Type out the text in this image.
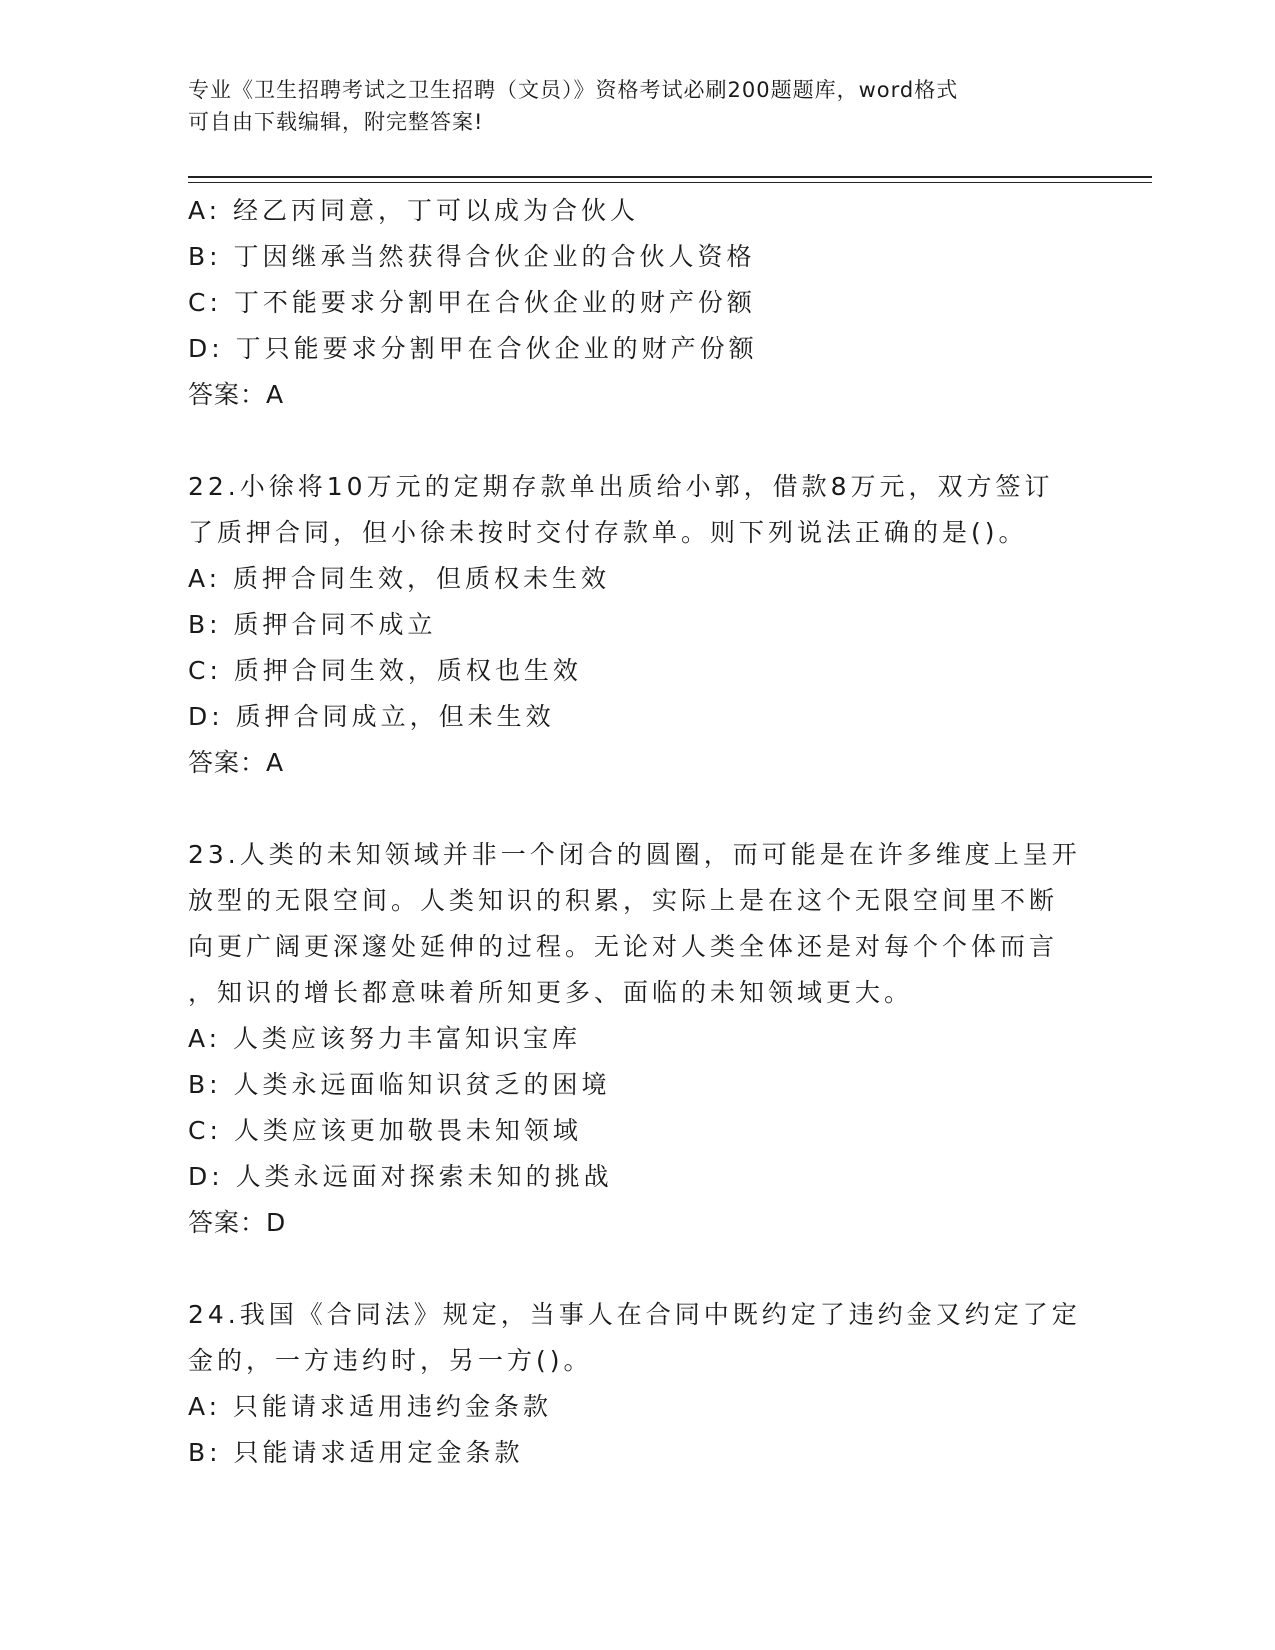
专业《卫生招聘考试之卫生招聘（文员）》资格考试必刷200题题库，word格式
可自由下载编辑，附完整答案!
A: 经乙丙同意，丁可以成为合伙人
B: 丁因继承当然获得合伙企业的合伙人资格
C: 丁不能要求分割甲在合伙企业的财产份额
D: 丁只能要求分割甲在合伙企业的财产份额
答案：A
22.小徐将10万元的定期存款单出质给小郭，借款8万元，双方签订
了质押合同，但小徐未按时交付存款单。则下列说法正确的是()。
A: 质押合同生效，但质权未生效
B: 质押合同不成立
C: 质押合同生效，质权也生效
D: 质押合同成立，但未生效
答案：A
23.人类的未知领域并非一个闭合的圆圈，而可能是在许多维度上呈开
放型的无限空间。人类知识的积累，实际上是在这个无限空间里不断
向更广阔更深邃处延伸的过程。无论对人类全体还是对每个个体而言
，知识的增长都意味着所知更多、面临的未知领域更大。
A: 人类应该努力丰富知识宝库
B: 人类永远面临知识贫乏的困境
C: 人类应该更加敬畏未知领域
D: 人类永远面对探索未知的挑战
答案：D
24.我国《合同法》规定，当事人在合同中既约定了违约金又约定了定
金的，一方违约时，另一方()。
A: 只能请求适用违约金条款
B: 只能请求适用定金条款
